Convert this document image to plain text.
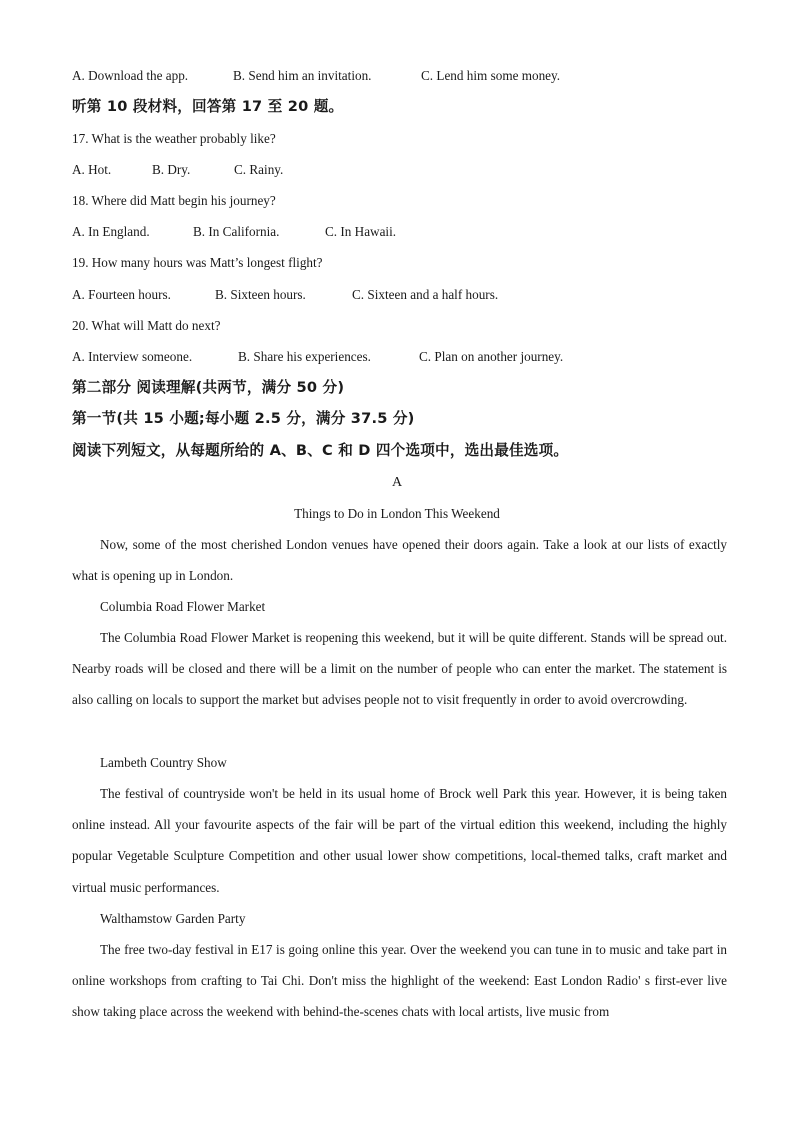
A. Download the app.	B. Send him an invitation.	C. Lend him some money.
听第 10 段材料，回答第 17 至 20 题。
17. What is the weather probably like?
A. Hot.	B. Dry.	C. Rainy.
18. Where did Matt begin his journey?
A. In England.	B. In California.	C. In Hawaii.
19. How many hours was Matt’s longest flight?
A. Fourteen hours.	B. Sixteen hours.	C. Sixteen and a half hours.
20. What will Matt do next?
A. Interview someone.	B. Share his experiences.	C. Plan on another journey.
第二部分 阅读理解(共两节，满分 50 分)
第一节(共 15 小题;每小题 2.5 分，满分 37.5 分)
阅读下列短文，从每题所给的 A、B、C 和 D 四个选项中，选出最佳选项。
A
Things to Do in London This Weekend

Now, some of the most cherished London venues have opened their doors again. Take a look at our lists of exactly what is opening up in London.

Columbia Road Flower Market

The Columbia Road Flower Market is reopening this weekend, but it will be quite different. Stands will be spread out. Nearby roads will be closed and there will be a limit on the number of people who can enter the market. The statement is also calling on locals to support the market but advises people not to visit frequently in order to avoid overcrowding.

Lambeth Country Show

The festival of countryside won't be held in its usual home of Brock well Park this year. However, it is being taken online instead. All your favourite aspects of the fair will be part of the virtual edition this weekend, including the highly popular Vegetable Sculpture Competition and other usual lower show competitions, local-themed talks, craft market and virtual music performances.

Walthamstow Garden Party

The free two-day festival in E17 is going online this year. Over the weekend you can tune in to music and take part in online workshops from crafting to Tai Chi. Don't miss the highlight of the weekend: East London Radio' s first-ever live show taking place across the weekend with behind-the-scenes chats with local artists, live music from
